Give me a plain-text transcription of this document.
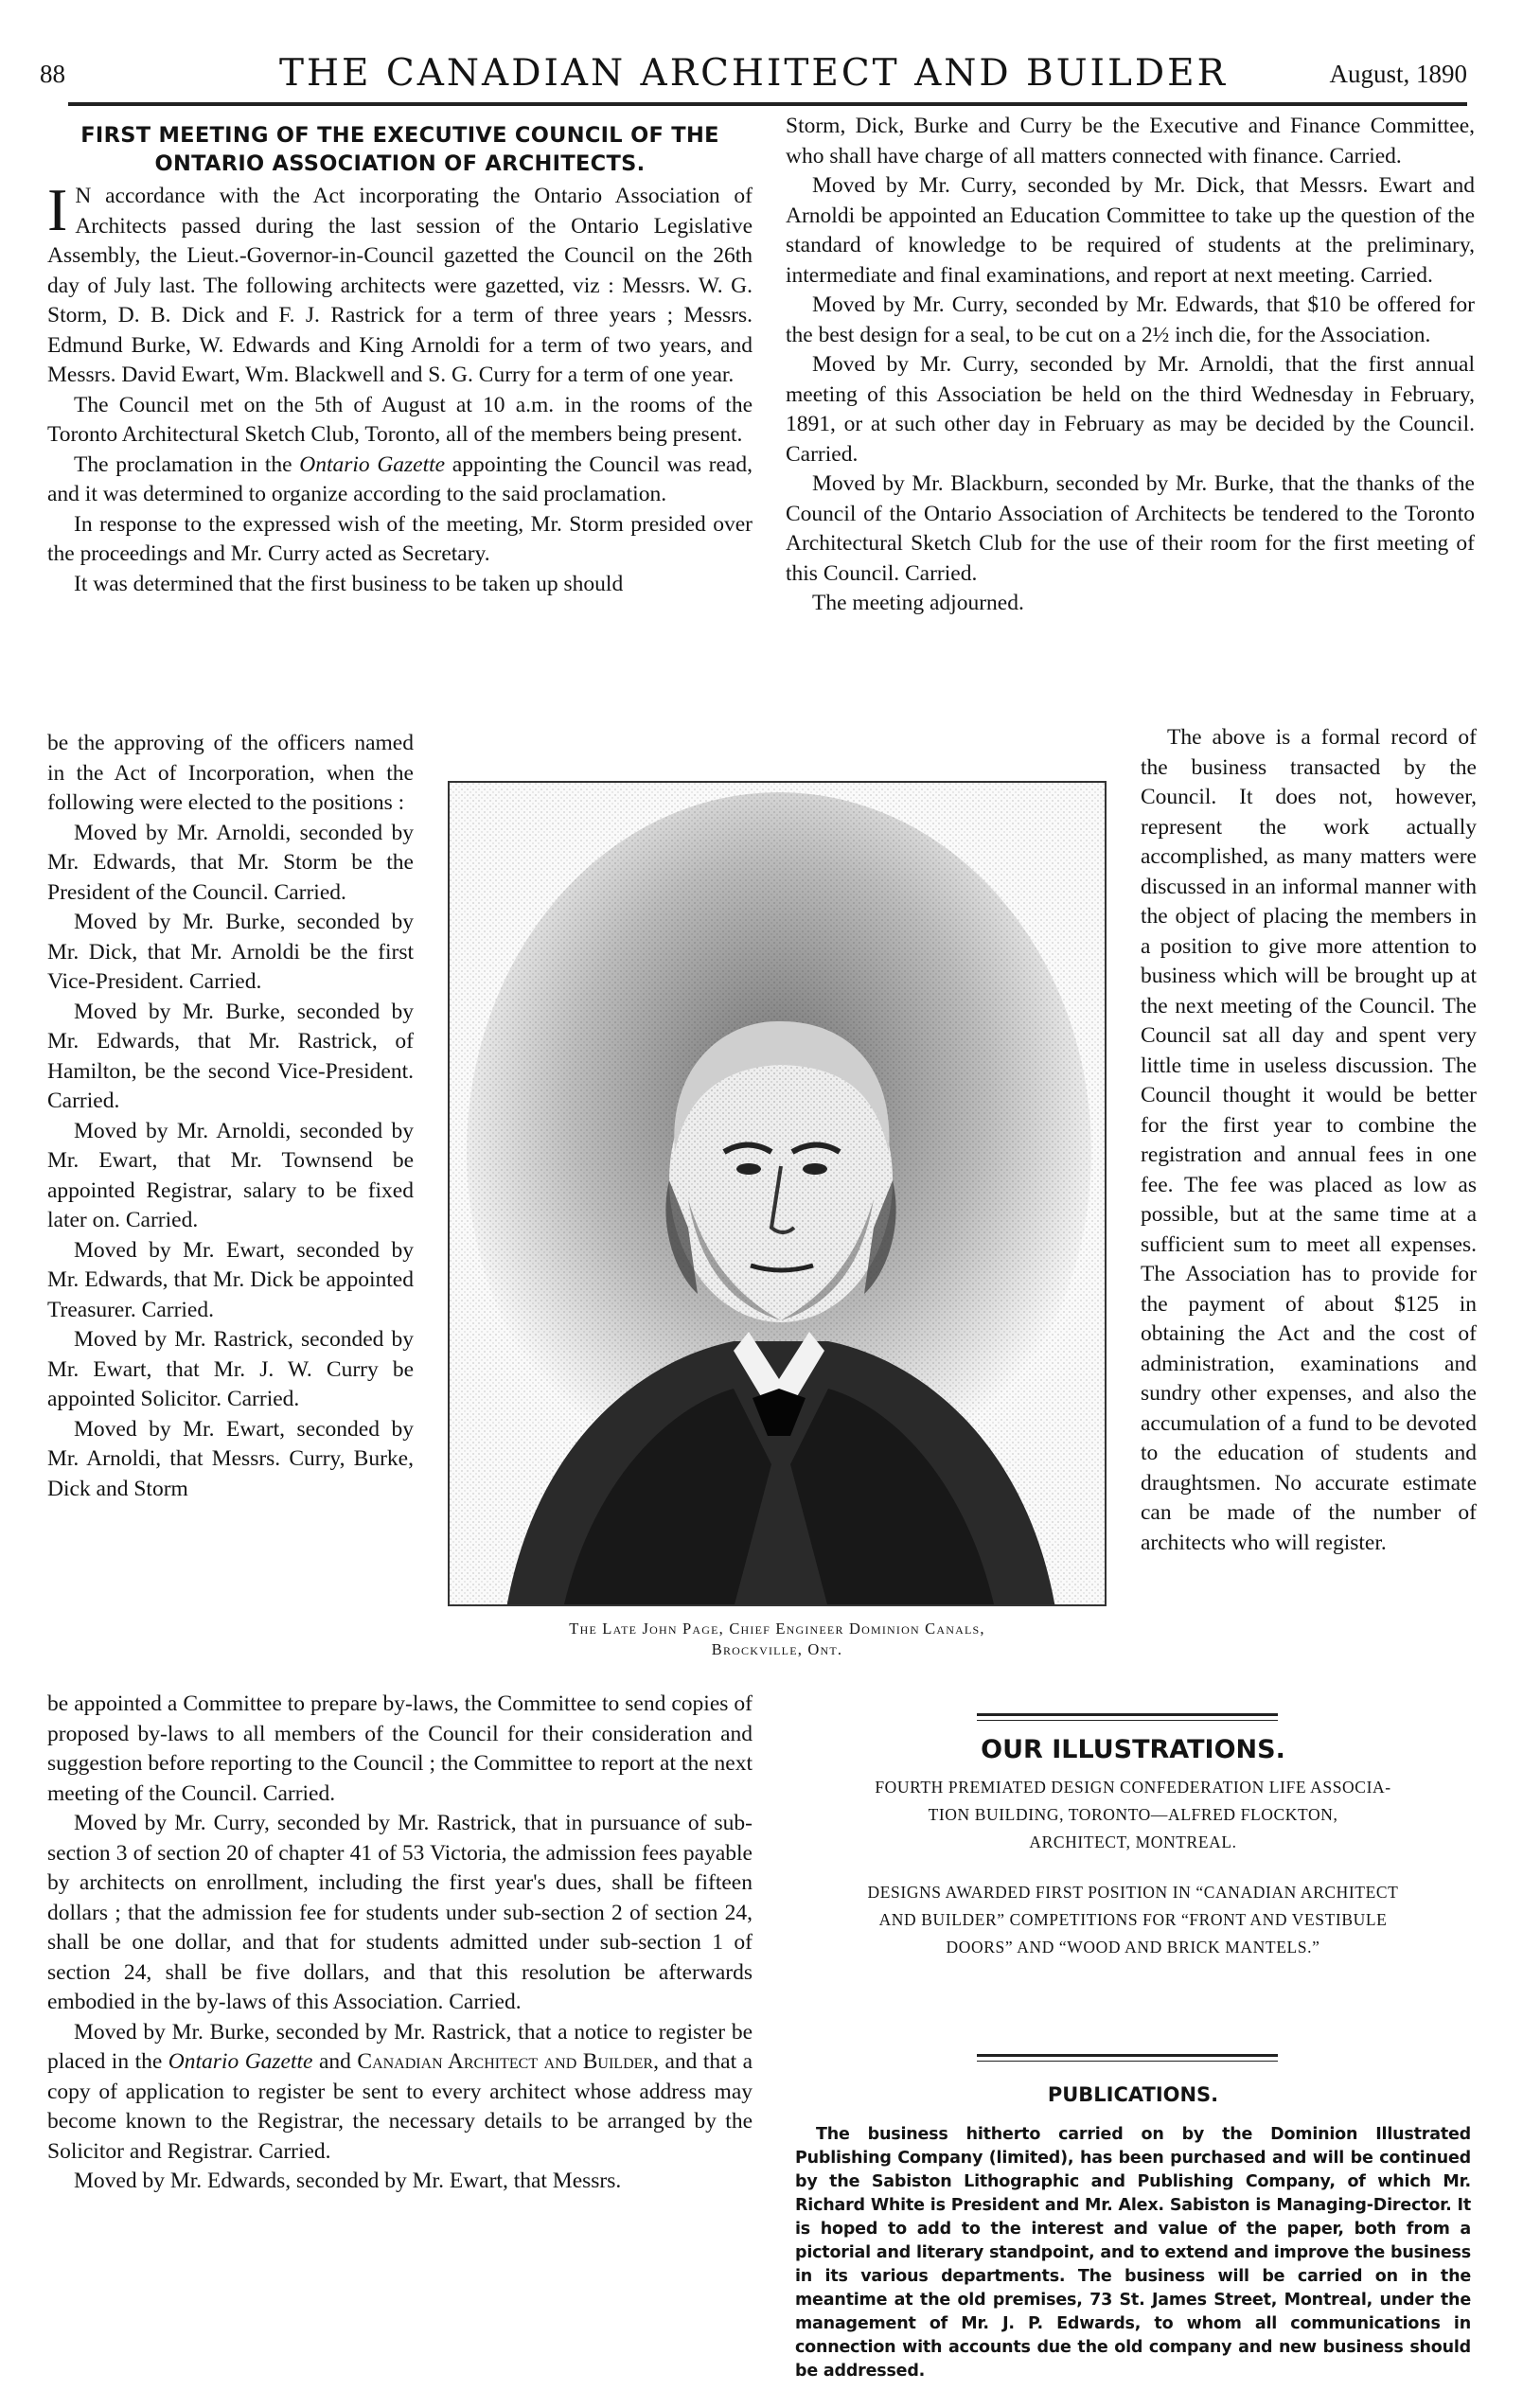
88	THE CANADIAN ARCHITECT AND BUILDER	August, 1890
FIRST MEETING OF THE EXECUTIVE COUNCIL OF THE
ONTARIO ASSOCIATION OF ARCHITECTS.

I N accordance with the Act incorporating the Ontario Association of Architects passed during the last session of the Ontario Legislative Assembly, the Lieut.-Governor-in-Council gazetted the Council on the 26th day of July last. The following architects were gazetted, viz : Messrs. W. G. Storm, D. B. Dick and F. J. Rastrick for a term of three years ; Messrs. Edmund Burke, W. Edwards and King Arnoldi for a term of two years, and Messrs. David Ewart, Wm. Blackwell and S. G. Curry for a term of one year.

The Council met on the 5th of August at 10 a.m. in the rooms of the Toronto Architectural Sketch Club, Toronto, all of the members being present.

The proclamation in the Ontario Gazette appointing the Council was read, and it was determined to organize according to the said proclamation.

In response to the expressed wish of the meeting, Mr. Storm presided over the proceedings and Mr. Curry acted as Secretary.

It was determined that the first business to be taken up should

be the approving of the officers named in the Act of Incorporation, when the following were elected to the positions :

Moved by Mr. Arnoldi, seconded by Mr. Edwards, that Mr. Storm be the President of the Council. Carried.

Moved by Mr. Burke, seconded by Mr. Dick, that Mr. Arnoldi be the first Vice-President. Carried.

Moved by Mr. Burke, seconded by Mr. Edwards, that Mr. Rastrick, of Hamilton, be the second Vice-President. Carried.

Moved by Mr. Arnoldi, seconded by Mr. Ewart, that Mr. Townsend be appointed Registrar, salary to be fixed later on. Carried.

Moved by Mr. Ewart, seconded by Mr. Edwards, that Mr. Dick be appointed Treasurer. Carried.

Moved by Mr. Rastrick, seconded by Mr. Ewart, that Mr. J. W. Curry be appointed Solicitor. Carried.

Moved by Mr. Ewart, seconded by Mr. Arnoldi, that Messrs. Curry, Burke, Dick and Storm

The Late John Page, Chief Engineer Dominion Canals,
Brockville, Ont.

be appointed a Committee to prepare by-laws, the Committee to send copies of proposed by-laws to all members of the Council for their consideration and suggestion before reporting to the Council ; the Committee to report at the next meeting of the Council. Carried.

Moved by Mr. Curry, seconded by Mr. Rastrick, that in pursuance of sub-section 3 of section 20 of chapter 41 of 53 Victoria, the admission fees payable by architects on enrollment, including the first year's dues, shall be fifteen dollars ; that the admission fee for students under sub-section 2 of section 24, shall be one dollar, and that for students admitted under sub-section 1 of section 24, shall be five dollars, and that this resolution be afterwards embodied in the by-laws of this Association. Carried.

Moved by Mr. Burke, seconded by Mr. Rastrick, that a notice to register be placed in the Ontario Gazette and Canadian Architect and Builder, and that a copy of application to register be sent to every architect whose address may become known to the Registrar, the necessary details to be arranged by the Solicitor and Registrar. Carried.

Moved by Mr. Edwards, seconded by Mr. Ewart, that Messrs.

Storm, Dick, Burke and Curry be the Executive and Finance Committee, who shall have charge of all matters connected with finance. Carried.

Moved by Mr. Curry, seconded by Mr. Dick, that Messrs. Ewart and Arnoldi be appointed an Education Committee to take up the question of the standard of knowledge to be required of students at the preliminary, intermediate and final examinations, and report at next meeting. Carried.

Moved by Mr. Curry, seconded by Mr. Edwards, that $10 be offered for the best design for a seal, to be cut on a 2½ inch die, for the Association.

Moved by Mr. Curry, seconded by Mr. Arnoldi, that the first annual meeting of this Association be held on the third Wednesday in February, 1891, or at such other day in February as may be decided by the Council. Carried.

Moved by Mr. Blackburn, seconded by Mr. Burke, that the thanks of the Council of the Ontario Association of Architects be tendered to the Toronto Architectural Sketch Club for the use of their room for the first meeting of this Council. Carried.

The meeting adjourned.

The above is a formal record of the business transacted by the Council. It does not, however, represent the work actually accomplished, as many matters were discussed in an informal manner with the object of placing the members in a position to give more attention to business which will be brought up at the next meeting of the Council. The Council sat all day and spent very little time in useless discussion. The Council thought it would be better for the first year to combine the registration and annual fees in one fee. The fee was placed as low as possible, but at the same time at a sufficient sum to meet all expenses. The Association has to provide for the payment of about $125 in obtaining the Act and the cost of administration, examinations and sundry other expenses, and also the accumulation of a fund to be devoted to the education of students and draughtsmen. No accurate estimate can be made of the number of architects who will register.

OUR ILLUSTRATIONS.
FOURTH PREMIATED DESIGN CONFEDERATION LIFE ASSOCIA-
TION BUILDING, TORONTO—ALFRED FLOCKTON,
ARCHITECT, MONTREAL.
DESIGNS AWARDED FIRST POSITION IN “CANADIAN ARCHITECT
AND BUILDER” COMPETITIONS FOR “FRONT AND VESTIBULE
DOORS” AND “WOOD AND BRICK MANTELS.”
PUBLICATIONS.

The business hitherto carried on by the Dominion Illustrated Publishing Company (limited), has been purchased and will be continued by the Sabiston Lithographic and Publishing Company, of which Mr. Richard White is President and Mr. Alex. Sabiston is Managing-Director. It is hoped to add to the interest and value of the paper, both from a pictorial and literary standpoint, and to extend and improve the business in its various departments. The business will be carried on in the meantime at the old premises, 73 St. James Street, Montreal, under the management of Mr. J. P. Edwards, to whom all communications in connection with accounts due the old company and new business should be addressed.
